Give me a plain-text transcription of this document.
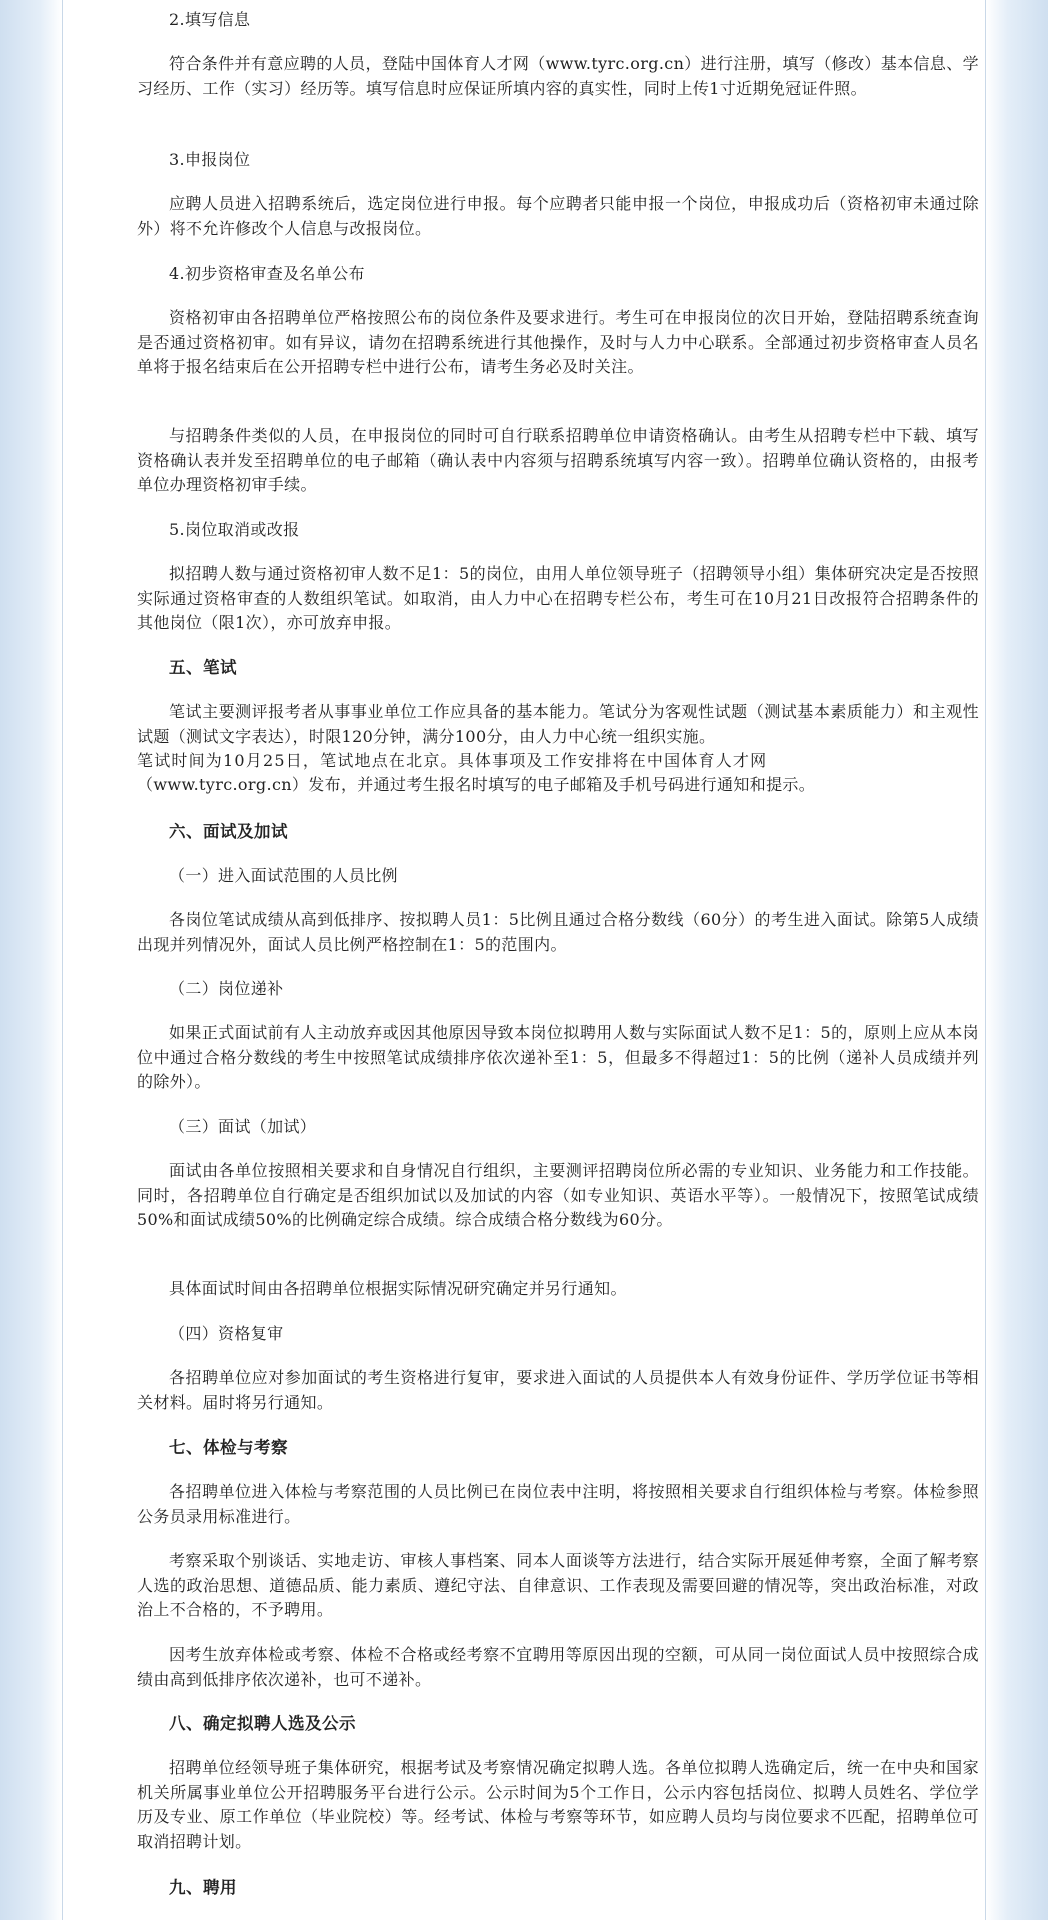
2.填写信息

符合条件并有意应聘的人员，登陆中国体育人才网（www.tyrc.org.cn）进行注册，填写（修改）基本信息、学习经历、工作（实习）经历等。填写信息时应保证所填内容的真实性，同时上传1寸近期免冠证件照。

3.申报岗位

应聘人员进入招聘系统后，选定岗位进行申报。每个应聘者只能申报一个岗位，申报成功后（资格初审未通过除外）将不允许修改个人信息与改报岗位。

4.初步资格审查及名单公布

资格初审由各招聘单位严格按照公布的岗位条件及要求进行。考生可在申报岗位的次日开始，登陆招聘系统查询是否通过资格初审。如有异议，请勿在招聘系统进行其他操作，及时与人力中心联系。全部通过初步资格审查人员名单将于报名结束后在公开招聘专栏中进行公布，请考生务必及时关注。

与招聘条件类似的人员，在申报岗位的同时可自行联系招聘单位申请资格确认。由考生从招聘专栏中下载、填写资格确认表并发至招聘单位的电子邮箱（确认表中内容须与招聘系统填写内容一致）。招聘单位确认资格的，由报考单位办理资格初审手续。

5.岗位取消或改报

拟招聘人数与通过资格初审人数不足1：5的岗位，由用人单位领导班子（招聘领导小组）集体研究决定是否按照实际通过资格审查的人数组织笔试。如取消，由人力中心在招聘专栏公布，考生可在10月21日改报符合招聘条件的其他岗位（限1次），亦可放弃申报。

五、笔试

笔试主要测评报考者从事事业单位工作应具备的基本能力。笔试分为客观性试题（测试基本素质能力）和主观性试题（测试文字表达），时限120分钟，满分100分，由人力中心统一组织实施。

笔试时间为10月25日，笔试地点在北京。具体事项及工作安排将在中国体育人才网
（www.tyrc.org.cn）发布，并通过考生报名时填写的电子邮箱及手机号码进行通知和提示。
六、面试及加试
（一）进入面试范围的人员比例

各岗位笔试成绩从高到低排序、按拟聘人员1：5比例且通过合格分数线（60分）的考生进入面试。除第5人成绩出现并列情况外，面试人员比例严格控制在1：5的范围内。

（二）岗位递补

如果正式面试前有人主动放弃或因其他原因导致本岗位拟聘用人数与实际面试人数不足1：5的，原则上应从本岗位中通过合格分数线的考生中按照笔试成绩排序依次递补至1：5，但最多不得超过1：5的比例（递补人员成绩并列的除外）。

（三）面试（加试）

面试由各单位按照相关要求和自身情况自行组织，主要测评招聘岗位所必需的专业知识、业务能力和工作技能。同时，各招聘单位自行确定是否组织加试以及加试的内容（如专业知识、英语水平等）。一般情况下，按照笔试成绩50%和面试成绩50%的比例确定综合成绩。综合成绩合格分数线为60分。

具体面试时间由各招聘单位根据实际情况研究确定并另行通知。

（四）资格复审

各招聘单位应对参加面试的考生资格进行复审，要求进入面试的人员提供本人有效身份证件、学历学位证书等相关材料。届时将另行通知。

七、体检与考察

各招聘单位进入体检与考察范围的人员比例已在岗位表中注明，将按照相关要求自行组织体检与考察。体检参照公务员录用标准进行。

考察采取个别谈话、实地走访、审核人事档案、同本人面谈等方法进行，结合实际开展延伸考察，全面了解考察人选的政治思想、道德品质、能力素质、遵纪守法、自律意识、工作表现及需要回避的情况等，突出政治标准，对政治上不合格的，不予聘用。

因考生放弃体检或考察、体检不合格或经考察不宜聘用等原因出现的空额，可从同一岗位面试人员中按照综合成绩由高到低排序依次递补，也可不递补。

八、确定拟聘人选及公示

招聘单位经领导班子集体研究，根据考试及考察情况确定拟聘人选。各单位拟聘人选确定后，统一在中央和国家机关所属事业单位公开招聘服务平台进行公示。公示时间为5个工作日，公示内容包括岗位、拟聘人员姓名、学位学历及专业、原工作单位（毕业院校）等。经考试、体检与考察等环节，如应聘人员均与岗位要求不匹配，招聘单位可取消招聘计划。

九、聘用
